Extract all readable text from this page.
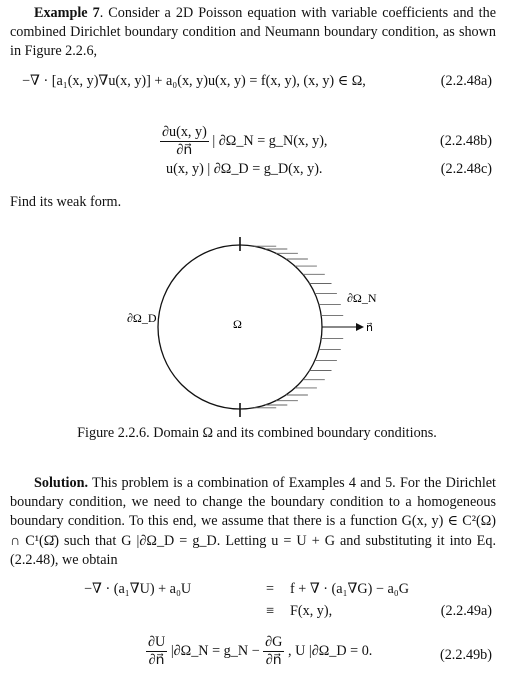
Example 7. Consider a 2D Poisson equation with variable coefficients and the combined Dirichlet boundary condition and Neumann boundary condition, as shown in Figure 2.2.6,
−∇ · [a₁(x, y)∇u(x, y)] + a₀(x, y)u(x, y) = f(x, y), (x, y) ∈ Ω,	(2.2.48a)
$\frac{\partial u(x, y)}{\partial n⃗}$ | ∂Ω_N = g_N(x, y),	(2.2.48b)
u(x, y) | ∂Ω_D = g_D(x, y).	(2.2.48c)
Find its weak form.
∂Ω_D	Ω
∂Ω_N
n⃗
Figure 2.2.6. Domain Ω and its combined boundary conditions.
Solution. This problem is a combination of Examples 4 and 5. For the Dirichlet boundary condition, we need to change the boundary condition to a homogeneous boundary condition. To this end, we assume that there is a function G(x, y) ∈ C²(Ω) ∩ C¹(Ω̄) such that G |∂Ω_D = g_D. Letting u = U + G and substituting it into Eq. (2.2.48), we obtain
−∇ · (a₁∇U) + a₀U	= f + ∇ · (a₁∇G) − a₀G
≡ F(x, y),	(2.2.49a)
$\frac{\partial U}{\partial n⃗}$ |∂Ω_N = g_N − $\frac{\partial G}{\partial n⃗}$ , U |∂Ω_D = 0.	(2.2.49b)
